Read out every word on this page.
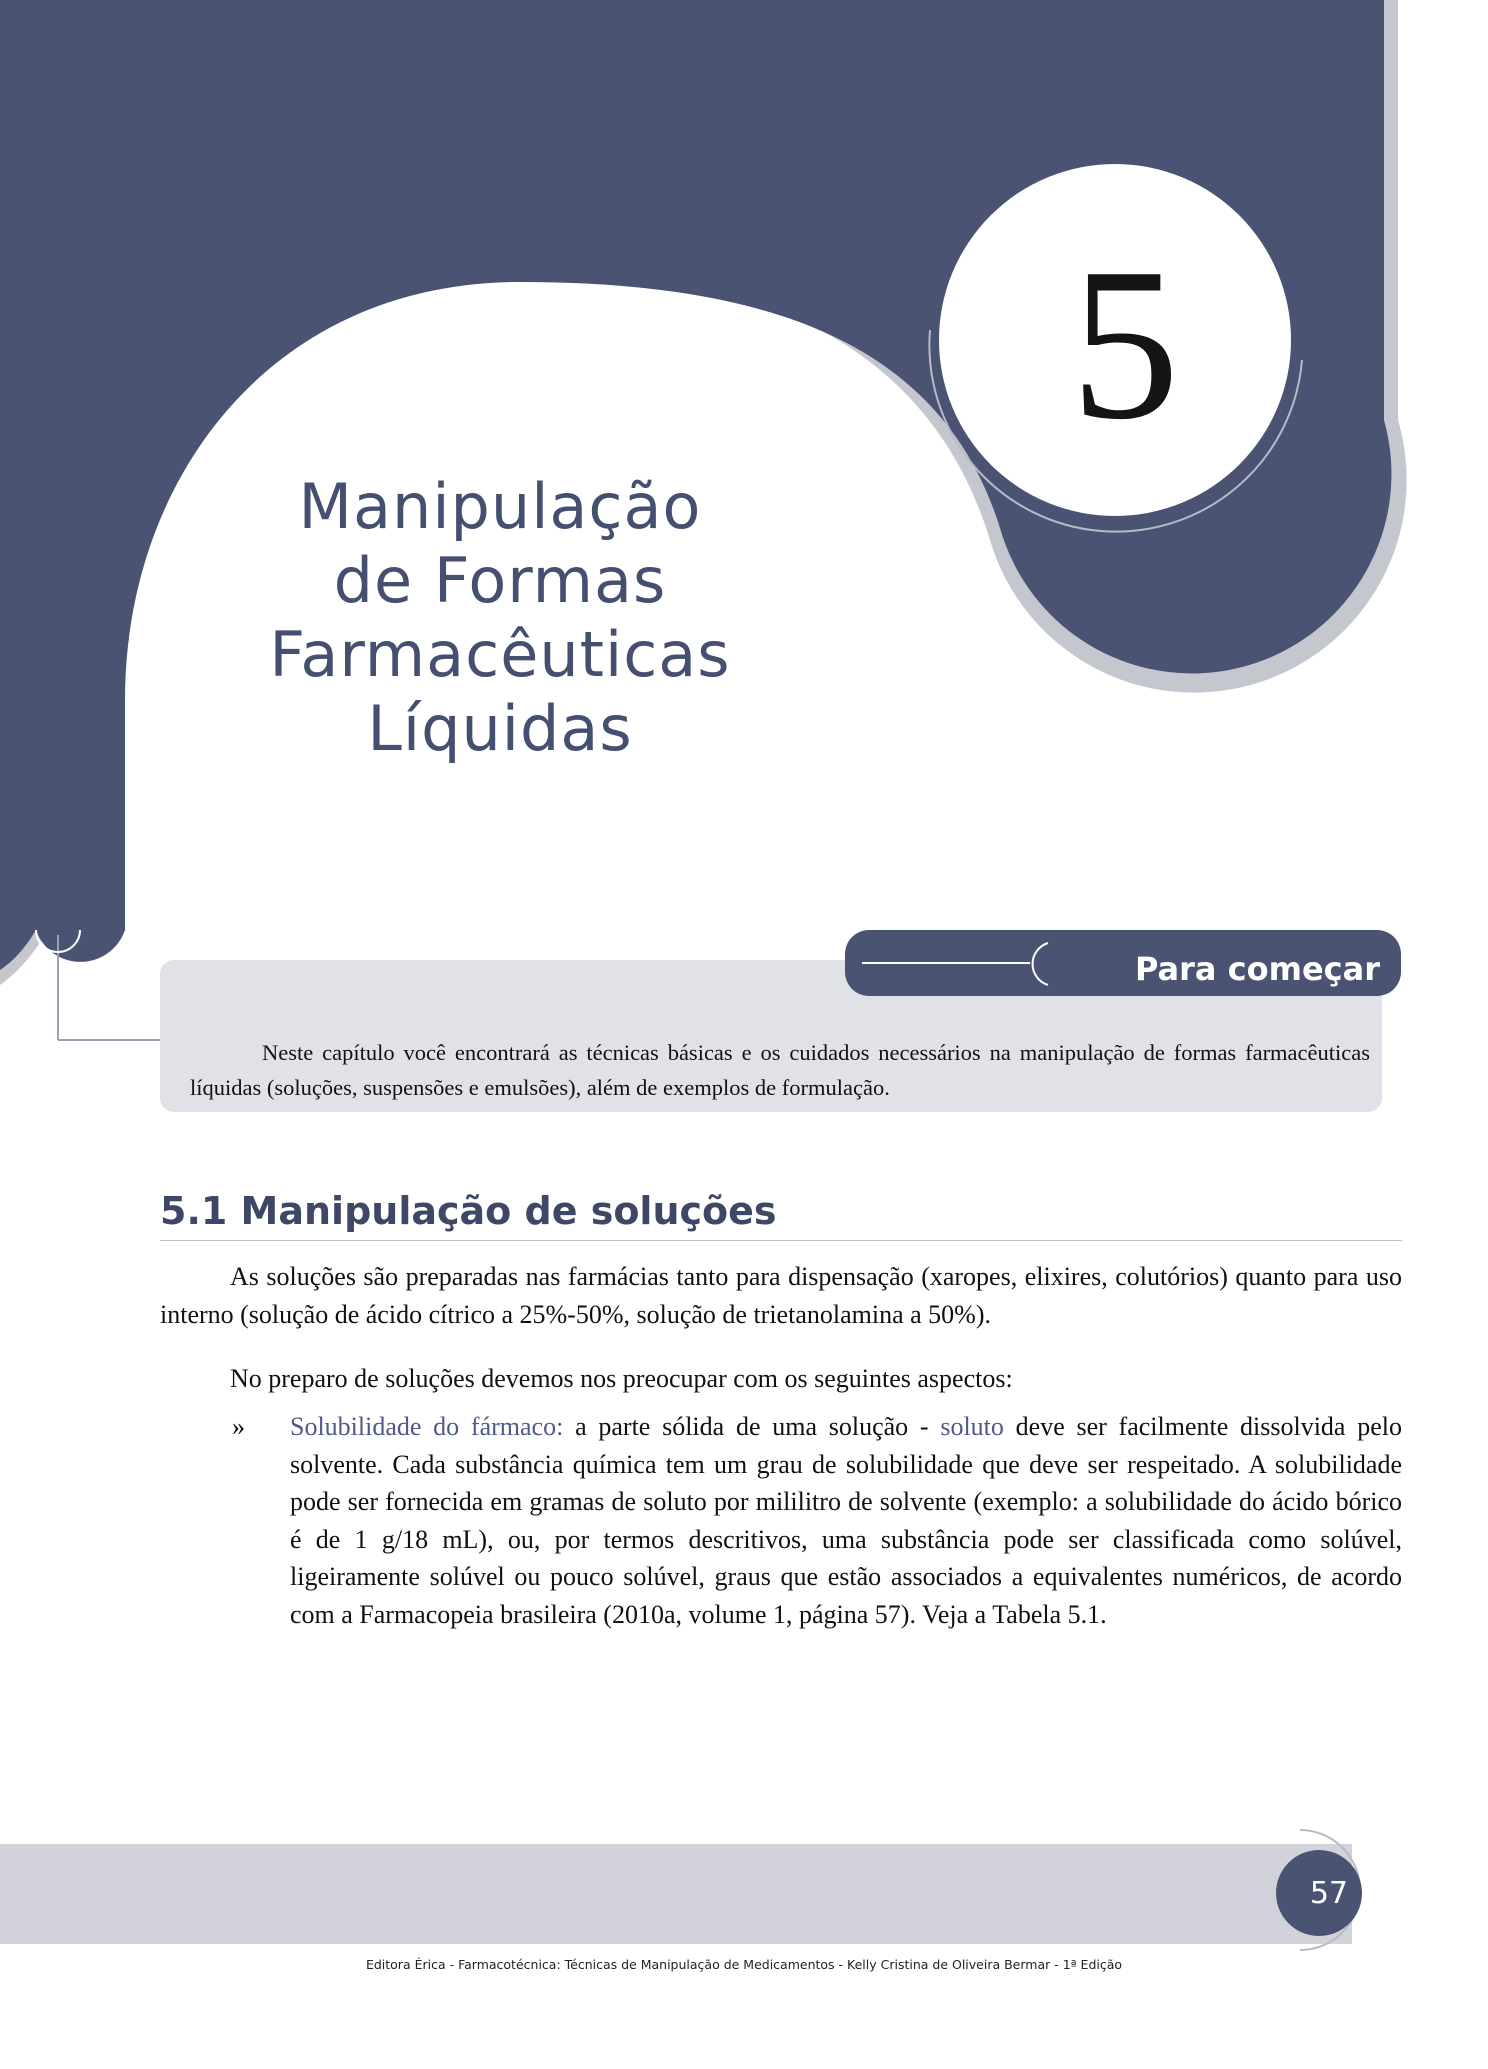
5
Manipulação
de Formas
Farmacêuticas
Líquidas
Para começar

Neste capítulo você encontrará as técnicas básicas e os cuidados necessários na manipulação de formas farmacêuticas líquidas (soluções, suspensões e emulsões), além de exemplos de formulação.

5.1 Manipulação de soluções

As soluções são preparadas nas farmácias tanto para dispensação (xaropes, elixires, colutórios) quanto para uso interno (solução de ácido cítrico a 25%-50%, solução de trietanolamina a 50%).

No preparo de soluções devemos nos preocupar com os seguintes aspectos:

» Solubilidade do fármaco: a parte sólida de uma solução - soluto deve ser facilmente dissolvida pelo solvente. Cada substância química tem um grau de solubilidade que deve ser respeitado. A solubilidade pode ser fornecida em gramas de soluto por mililitro de solvente (exemplo: a solubilidade do ácido bórico é de 1 g/18 mL), ou, por termos descritivos, uma substância pode ser classificada como solúvel, ligeiramente solúvel ou pouco solúvel, graus que estão associados a equivalentes numéricos, de acordo com a Farmacopeia brasileira (2010a, volume 1, página 57). Veja a Tabela 5.1.

57
Editora Érica - Farmacotécnica: Técnicas de Manipulação de Medicamentos - Kelly Cristina de Oliveira Bermar - 1ª Edição
